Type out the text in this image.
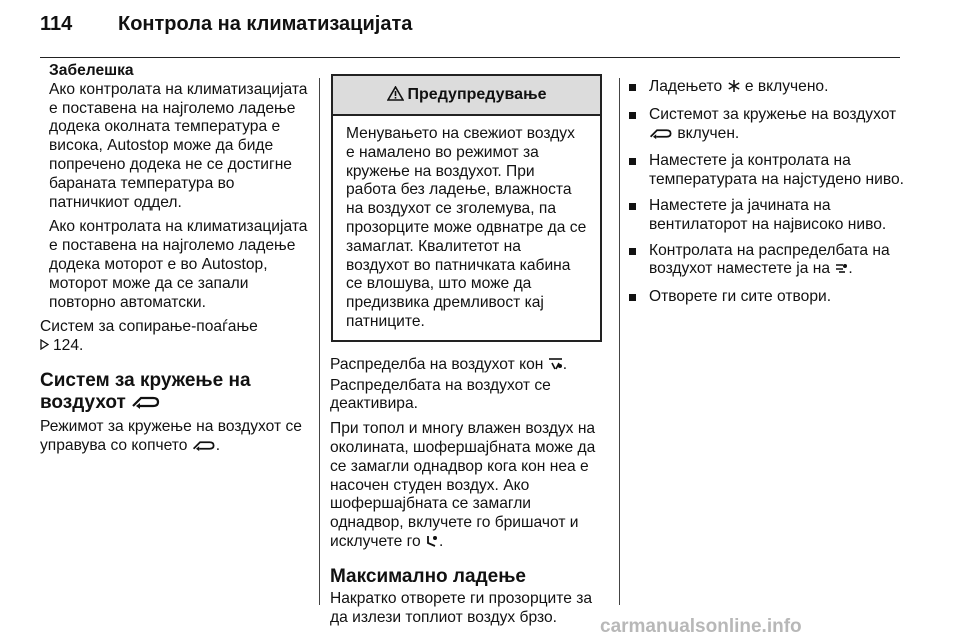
114 Контрола на климатизацијата
Забелешка

Ако контролата на климатизацијата е поставена на најголемо ладење додека околната температура е висока, Autostop може да биде попречено додека не се достигне бараната температура во патничкиот оддел.

Ако контролата на климатизацијата е поставена на најголемо ладење додека моторот е во Autostop, моторот може да се запали повторно автоматски.

Систем за сопирање-поаѓање
124.

Систем за кружење на
воздухот

Режимот за кружење на воздухот се управува со копчето .

Предупредување
Менувањето на свежиот воздух е намалено во режимот за кружење на воздухот. При работа без ладење, влажноста на воздухот се зголемува, па прозорците може одвнатре да се замаглат. Квалитетот на воздухот во патничката кабина се влошува, што може да предизвика дремливост кај патниците.

Распределба на воздухот кон . Распределбата на воздухот се деактивира.

При топол и многу влажен воздух на околината, шофершајбната може да се замагли однадвор кога кон неа е насочен студен воздух. Ако шофершајбната се замагли однадвор, вклучете го бришачот и исклучете го .

Максимално ладење

Накратко отворете ги прозорците за да излези топлиот воздух брзо.

Ладењето е вклучено.
Системот за кружење на воздухот  вклучен.
Наместете ја контролата на температурата на најстудено ниво.
Наместете ја јачината на вентилаторот на највисоко ниво.
Контролата на распределбата на воздухот наместете ја на .
Отворете ги сите отвори.
carmanualsonline.info
